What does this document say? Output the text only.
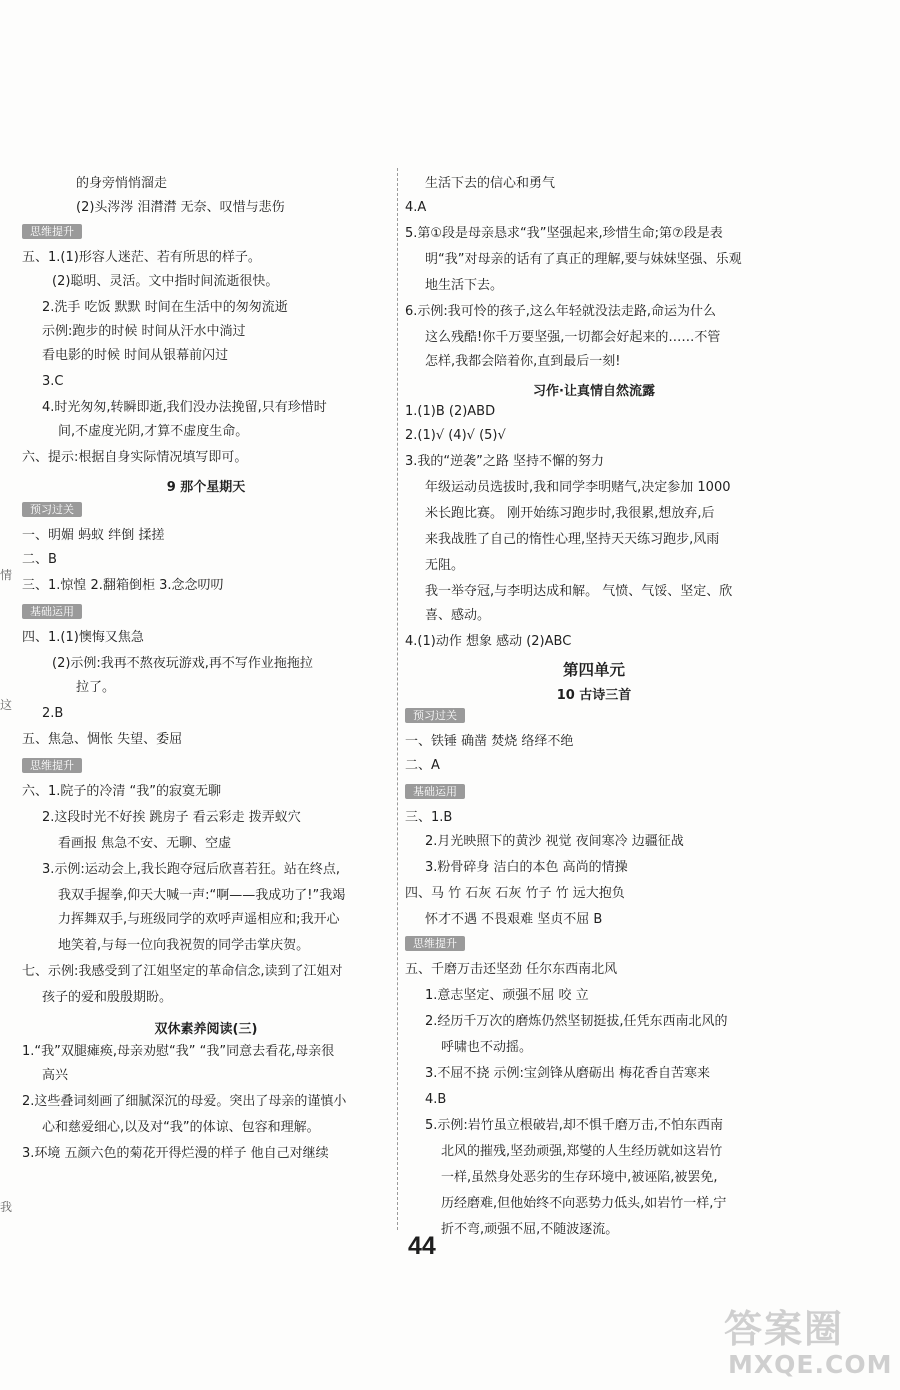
的身旁悄悄溜走
(2)头涔涔 泪潸潸 无奈、叹惜与悲伤
思维提升
五、1.(1)形容人迷茫、若有所思的样子。
(2)聪明、灵活。文中指时间流逝很快。
2.洗手 吃饭 默默 时间在生活中的匆匆流逝
示例:跑步的时候 时间从汗水中淌过
看电影的时候 时间从银幕前闪过
3.C
4.时光匆匆,转瞬即逝,我们没办法挽留,只有珍惜时
间,不虚度光阴,才算不虚度生命。
六、提示:根据自身实际情况填写即可。
9 那个星期天
预习过关
一、明媚 蚂蚁 绊倒 揉搓
二、B
三、1.惊惶 2.翻箱倒柜 3.念念叨叨
基础运用
四、1.(1)懊悔又焦急
(2)示例:我再不熬夜玩游戏,再不写作业拖拖拉
拉了。
2.B
五、焦急、惆怅 失望、委屈
思维提升
六、1.院子的冷清 “我”的寂寞无聊
2.这段时光不好挨 跳房子 看云彩走 拨弄蚁穴
看画报 焦急不安、无聊、空虚
3.示例:运动会上,我长跑夺冠后欣喜若狂。站在终点,
我双手握拳,仰天大喊一声:“啊——我成功了!”我竭
力挥舞双手,与班级同学的欢呼声遥相应和;我开心
地笑着,与每一位向我祝贺的同学击掌庆贺。
七、示例:我感受到了江姐坚定的革命信念,读到了江姐对
孩子的爱和殷殷期盼。
双休素养阅读(三)
1.“我”双腿瘫痪,母亲劝慰“我” “我”同意去看花,母亲很
高兴
2.这些叠词刻画了细腻深沉的母爱。突出了母亲的谨慎小
心和慈爱细心,以及对“我”的体谅、包容和理解。
3.环境 五颜六色的菊花开得烂漫的样子 他自己对继续
生活下去的信心和勇气
4.A
5.第①段是母亲恳求“我”坚强起来,珍惜生命;第⑦段是表
明“我”对母亲的话有了真正的理解,要与妹妹坚强、乐观
地生活下去。
6.示例:我可怜的孩子,这么年轻就没法走路,命运为什么
这么残酷!你千万要坚强,一切都会好起来的……不管
怎样,我都会陪着你,直到最后一刻!
习作·让真情自然流露
1.(1)B (2)ABD
2.(1)√ (4)√ (5)√
3.我的“逆袭”之路 坚持不懈的努力
年级运动员选拔时,我和同学李明赌气,决定参加 1000
米长跑比赛。 刚开始练习跑步时,我很累,想放弃,后
来我战胜了自己的惰性心理,坚持天天练习跑步,风雨
无阻。
我一举夺冠,与李明达成和解。 气愤、气馁、坚定、欣
喜、感动。
4.(1)动作 想象 感动 (2)ABC
第四单元
10 古诗三首
预习过关
一、铁锤 确凿 焚烧 络绎不绝
二、A
基础运用
三、1.B
2.月光映照下的黄沙 视觉 夜间寒冷 边疆征战
3.粉骨碎身 洁白的本色 高尚的情操
四、马 竹 石灰 石灰 竹子 竹 远大抱负
怀才不遇 不畏艰难 坚贞不屈 B
思维提升
五、千磨万击还坚劲 任尔东西南北风
1.意志坚定、顽强不屈 咬 立
2.经历千万次的磨炼仍然坚韧挺拔,任凭东西南北风的
呼啸也不动摇。
3.不屈不挠 示例:宝剑锋从磨砺出 梅花香自苦寒来
4.B
5.示例:岩竹虽立根破岩,却不惧千磨万击,不怕东西南
北风的摧残,坚劲顽强,郑燮的人生经历就如这岩竹
一样,虽然身处恶劣的生存环境中,被诬陷,被罢免,
历经磨难,但他始终不向恶势力低头,如岩竹一样,宁
折不弯,顽强不屈,不随波逐流。
情
这
我
44
答案圈
MXQE.COM
